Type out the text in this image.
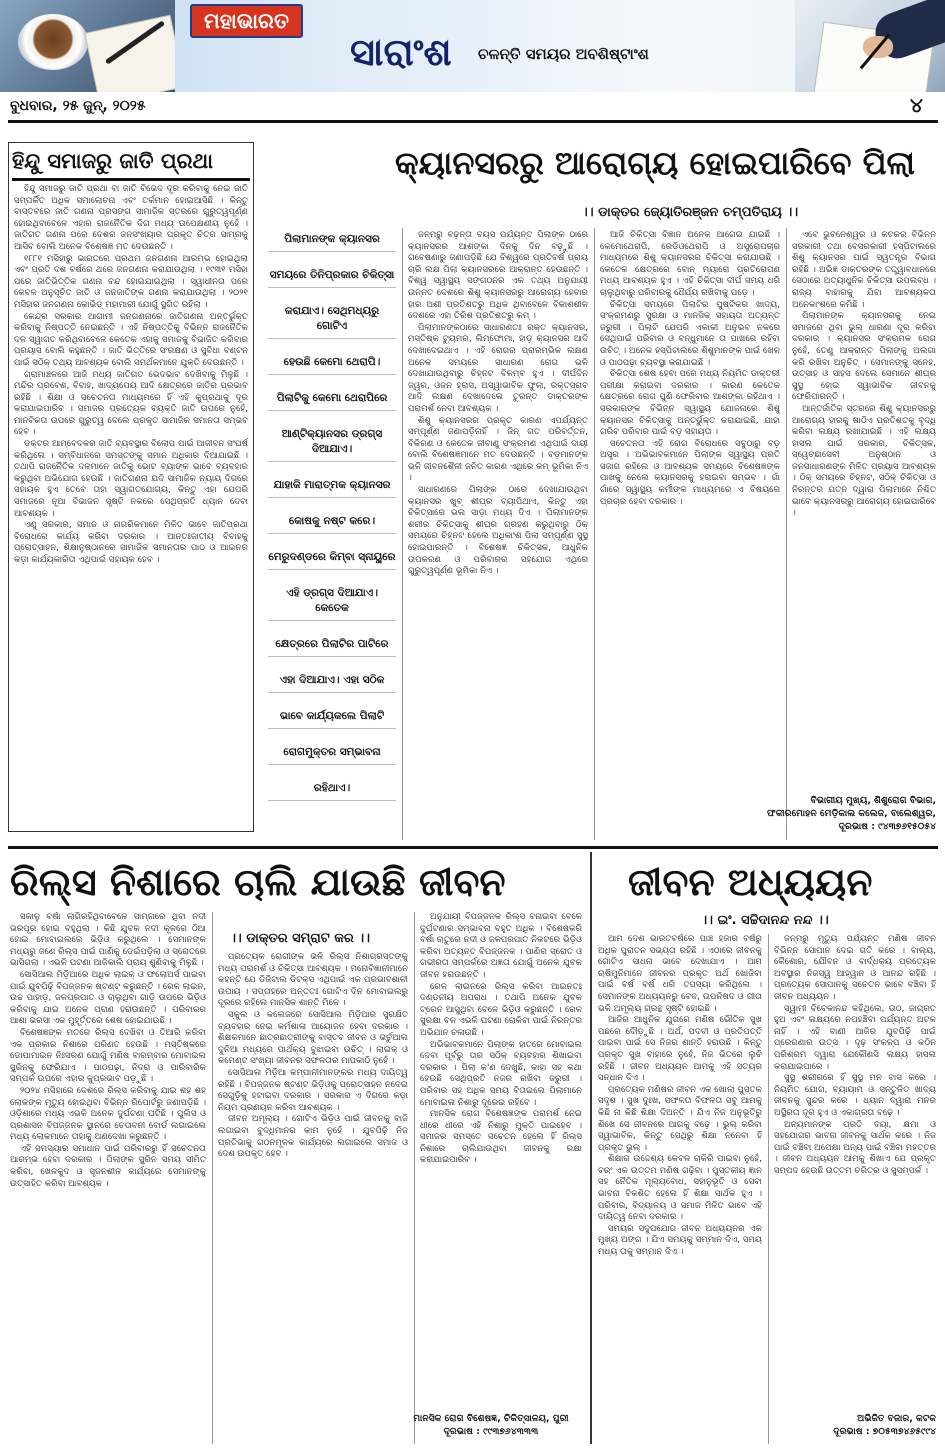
ମହାଭାରତ
ସାରାଂଶ ଚଳନ୍ତି ସମୟର ଅବଶିଷ୍ଟାଂଶ
ବୁଧବାର, ୨୫ ଜୁନ୍, ୨୦୨୫	୪
ହିନ୍ଦୁ ସମାଜରୁ ଜାତି ପ୍ରଥା

ହିନ୍ଦୁ ସମାଜରୁ ଜାତି ପ୍ରଥା ବା ଜାତି ବିଭେଦ ଦୂର କରିବାକୁ ନେଇ ଜାତି ସମ୍ପର୍କିତ ଅଧିକ ସମାଲୋଚନା ଏବଂ ତର୍କମାନ ହୋଇଆସିଛି । କିନ୍ତୁ ବାସ୍ତବରେ ଜାତି ଗଣନା ପ୍ରସଙ୍ଗ ସାମାଜିକ ସ୍ତରରେ ଗୁରୁତ୍ୱପୂର୍ଣ୍ଣ ହୋଇଥିବାବେଳେ ଏହାର ରାଜନୈତିକ ଦିଗ ମଧ୍ୟ ଉପେକ୍ଷଣୀୟ ନୁହେଁ । ଜାତିଗତ ଗଣନା ପରେ ଦେଶର ଜନସଂଖ୍ୟାର ପ୍ରକୃତ ଚିତ୍ର ସାମ୍ନାକୁ ଆସିବ ବୋଲି ଅନେକ ବିଶେଷଜ୍ଞ ମତ ଦେଉଛନ୍ତି ।

୧୮୮୧ ମସିହାରୁ ଭାରତରେ ପ୍ରଥମ ଜନଗଣନା ଆରମ୍ଭ ହୋଇଥିଲା ଏବଂ ପ୍ରତି ଦଶ ବର୍ଷରେ ଥରେ ଜନଗଣନା କରାଯାଉଥିଲା । ୧୯୩୧ ମସିହା ପରେ ଜାତିଭିତ୍ତିକ ଗଣନା ବନ୍ଦ ହୋଇଯାଇଥିଲା । ସ୍ୱାଧୀନତା ପରେ କେବଳ ଅନୁସୂଚିତ ଜାତି ଓ ଜନଜାତିଙ୍କ ଗଣନା କରାଯାଉଥିଲା । ୨୦୨୧ ମସିହାର ଜନଗଣନା କୋଭିଡ୍ ମହାମାରୀ ଯୋଗୁଁ ସ୍ଥଗିତ ରହିଲା ।

କେନ୍ଦ୍ର ସରକାର ଆଗାମୀ ଜନଗଣନାରେ ଜାତିଗଣନା ଅନ୍ତର୍ଭୁକ୍ତ କରିବାକୁ ନିଷ୍ପତ୍ତି ନେଇଛନ୍ତି । ଏହି ନିଷ୍ପତ୍ତିକୁ ବିଭିନ୍ନ ରାଜନୈତିକ ଦଳ ସ୍ୱାଗତ କରିଥିବାବେଳେ କେତେକ ଏହାକୁ ସମାଜକୁ ବିଭାଜିତ କରିବାର ପ୍ରୟାସ ବୋଲି କହୁଛନ୍ତି । ଜାତି ଭିତ୍ତିରେ ସଂରକ୍ଷଣ ଓ ସୁବିଧା ବଣ୍ଟନ ପାଇଁ ସଠିକ୍ ତଥ୍ୟ ଆବଶ୍ୟକ ବୋଲି ସମର୍ଥକମାନେ ଯୁକ୍ତି ଦେଉଛନ୍ତି ।

ଗ୍ରାମାଞ୍ଚଳରେ ଆଜି ମଧ୍ୟ ଜାତିଗତ ଭେଦଭାବ ଦେଖିବାକୁ ମିଳୁଛି । ମନ୍ଦିର ପ୍ରବେଶ, ବିବାହ, ଖାଦ୍ୟପେୟ ଆଦି କ୍ଷେତ୍ରରେ ଜାତିର ପ୍ରଭାବ ରହିଛି । ଶିକ୍ଷା ଓ ସଚେତନତା ମାଧ୍ୟମରେ ହିଁ ଏହି କୁପ୍ରଥାକୁ ଦୂର କରାଯାଇପାରିବ । ସମାଜର ପ୍ରତ୍ୟେକ ବ୍ୟକ୍ତି ଜାତି ଉପରେ ନୁହେଁ, ମାନବିକତା ଉପରେ ଗୁରୁତ୍ୱ ଦେଲେ ପ୍ରକୃତ ସାମାଜିକ ସମାନତା ସମ୍ଭବ ହେବ ।

ଡକ୍ଟର ଆମ୍ବେଦକର ଜାତି ବ୍ୟବସ୍ଥାର ବିଲୋପ ପାଇଁ ଆଜୀବନ ସଂଘର୍ଷ କରିଥିଲେ । ସମ୍ବିଧାନରେ ସମସ୍ତଙ୍କୁ ସମାନ ଅଧିକାର ଦିଆଯାଇଛି । ତଥାପି ରାଜନୈତିକ ଦଳମାନେ ଜାତିକୁ ଭୋଟ ବ୍ୟାଙ୍କ ଭାବେ ବ୍ୟବହାର କରୁଥିବା ଅଭିଯୋଗ ହେଉଛି । ଜାତିଗଣନା ଯଦି ସାମାଜିକ ନ୍ୟାୟ ଦିଗରେ ସହାୟକ ହୁଏ ତେବେ ତାହା ସ୍ୱାଗତଯୋଗ୍ୟ, କିନ୍ତୁ ଏହା ଯେପରି ସମାଜରେ ନୂଆ ବିଭାଜନ ସୃଷ୍ଟି ନକରେ ସେଥିପ୍ରତି ଧ୍ୟାନ ଦେବା ଆବଶ୍ୟକ ।

ଏଣୁ ସରକାର, ସମାଜ ଓ ନାଗରିକମାନେ ମିଳିତ ଭାବେ ଜାତିପ୍ରଥା ବିରୋଧରେ କାର୍ଯ୍ୟ କରିବା ଦରକାର । ଆନ୍ତଃଜାତୀୟ ବିବାହକୁ ପ୍ରୋତ୍ସାହନ, ଶିକ୍ଷାନୁଷ୍ଠାନରେ ସାମାଜିକ ସମାନତାର ପାଠ ଓ ଆଇନର କଡ଼ା କାର୍ଯ୍ୟକାରିତା ଏଥିପାଇଁ ସହାୟକ ହେବ ।

କ୍ୟାନସରରୁ ଆରୋଗ୍ୟ ହୋଇପାରିବେ ପିଲା
।। ଡାକ୍ତର ଜ୍ୟୋତିରଞ୍ଜନ ଚମ୍ପତିରାୟ ।।
ପିଲାମାନଙ୍କ କ୍ୟାନସର
ସମୟରେ ତିନିପ୍ରକାର ଚିକିତ୍ସା
କରାଯାଏ। ସେଥିମଧ୍ୟରୁ ଗୋଟିଏ
ହେଉଛି କେମୋ ଥେରାପି।
ପିଲାଟିକୁ କେମୋ ଥେରାପିରେ
ଆଣ୍ଟିକ୍ୟାନସର ଡ୍ରଗ୍ସ ଦିଆଯାଏ।
ଯାହାକି ମାରାତ୍ମକ କ୍ୟାନସର
କୋଷକୁ ନଷ୍ଟ କରେ।
ମେରୁଦଣ୍ଡରେ କିମ୍ବା ସ୍ନାୟୁରେ
ଏହି ଡ୍ରଗ୍ସ ଦିଆଯାଏ। କେତେକ
କ୍ଷେତ୍ରରେ ପିଲାଟିର ପାଟିରେ
ଏହା ଦିଆଯାଏ। ଏହା ସଠିକ
ଭାବେ କାର୍ଯ୍ୟକଲେ ପିଲାଟି
ରୋଗମୁକ୍ତର ସମ୍ଭାବନା
ରହିଥାଏ।

ଜନ୍ମରୁ ବଢ଼ନ୍ତା ବୟସ ପର୍ଯ୍ୟନ୍ତ ପିଲାଙ୍କ ଠାରେ କ୍ୟାନସରର ଆଶଙ୍କା ଦିନକୁ ଦିନ ବଢ଼ୁଛି । ଗବେଷଣାରୁ ଜଣାପଡ଼ିଛି ଯେ ବିଶ୍ୱରେ ପ୍ରତିବର୍ଷ ପ୍ରାୟ ଚାରି ଲକ୍ଷ ପିଲା କ୍ୟାନସରରେ ଆକ୍ରାନ୍ତ ହେଉଛନ୍ତି । ବିଶ୍ୱ ସ୍ୱାସ୍ଥ୍ୟ ସଙ୍ଗଠନର ଏକ ତଥ୍ୟ ଅନୁଯାୟୀ ଉନ୍ନତ ଦେଶରେ ଶିଶୁ କ୍ୟାନସରରୁ ଆରୋଗ୍ୟ ହେବାର ହାର ଅଶୀ ପ୍ରତିଶତରୁ ଅଧିକ ଥିବାବେଳେ ବିକାଶଶୀଳ ଦେଶରେ ଏହା ତିରିଶ ପ୍ରତିଶତରୁ କମ୍ ।

ପିଲାମାନଙ୍କଠାରେ ସାଧାରଣତଃ ରକ୍ତ କ୍ୟାନସର, ମସ୍ତିଷ୍କ ଟ୍ୟୁମର, ଲିମ୍ଫୋମା, ହାଡ଼ କ୍ୟାନସର ଆଦି ଦେଖାଦେଇଥାଏ । ଏହି ରୋଗର ପ୍ରାରମ୍ଭିକ ଲକ୍ଷଣ ଅନେକ ସମୟରେ ସାଧାରଣ ରୋଗ ଭଳି ଦେଖାଯାଉଥିବାରୁ ଚିହ୍ନଟ ବିଳମ୍ବ ହୁଏ । ଦୀର୍ଘଦିନ ଜ୍ୱର, ଓଜନ ହ୍ରାସ, ଅସ୍ୱାଭାବିକ ଫୁଲା, ରକ୍ତସ୍ରାବ ଆଦି ଲକ୍ଷଣ ଦେଖାଦେଲେ ତୁରନ୍ତ ଡାକ୍ତରଙ୍କ ପରାମର୍ଶ ନେବା ଆବଶ୍ୟକ ।

ଶିଶୁ କ୍ୟାନସରର ପ୍ରକୃତ କାରଣ ଏପର୍ଯ୍ୟନ୍ତ ସମ୍ପୂର୍ଣ୍ଣ ଜଣାପଡ଼ିନାହିଁ । ଜିନ୍ ଗତ ପରିବର୍ତ୍ତନ, ବିକିରଣ ଓ କେତେକ ଜୀବାଣୁ ସଂକ୍ରମଣ ଏଥିପାଇଁ ଦାୟୀ ବୋଲି ବିଶେଷଜ୍ଞମାନେ ମତ ଦେଉଛନ୍ତି । ବଡ଼ମାନଙ୍କ ଭଳି ଜୀବନଶୈଳୀ ଜନିତ କାରଣ ଏଥିରେ କମ୍ ଭୂମିକା ନିଏ ।

ସାଧାରଣରେ ପିଲାଙ୍କ ଠାରେ ଦେଖାଯାଉଥିବା କ୍ୟାନସର ଖୁବ୍ ଶୀଘ୍ର ବ୍ୟାପିଥାଏ, କିନ୍ତୁ ଏହା ଚିକିତ୍ସାରେ ଭଲ ସାଡ଼ା ମଧ୍ୟ ଦିଏ । ପିଲାମାନଙ୍କ ଶରୀର ଚିକିତ୍ସାକୁ ଶୀଘ୍ର ଗ୍ରହଣ କରୁଥିବାରୁ ଠିକ୍ ସମୟରେ ଚିହ୍ନଟ ହେଲେ ଅଧିକାଂଶ ପିଲା ସମ୍ପୂର୍ଣ୍ଣ ସୁସ୍ଥ ହୋଇପାରନ୍ତି । ବିଶେଷଜ୍ଞ ଚିକିତ୍ସକ, ଆଧୁନିକ ଉପକରଣ ଓ ପରିବାରର ସହଯୋଗ ଏଥିରେ ଗୁରୁତ୍ୱପୂର୍ଣ୍ଣ ଭୂମିକା ନିଏ ।

ଆଜି ଚିକିତ୍ସା ବିଜ୍ଞାନ ଅନେକ ଆଗେଇ ଯାଇଛି । କେମୋଥେରାପି, ରେଡିଓଥେରାପି ଓ ଅସ୍ତ୍ରୋପଚାର ମାଧ୍ୟମରେ ଶିଶୁ କ୍ୟାନସରର ଚିକିତ୍ସା କରାଯାଉଛି । କେତେକ କ୍ଷେତ୍ରରେ ବୋନ୍ ମ୍ୟାରୋ ପ୍ରତିରୋପଣ ମଧ୍ୟ ଆବଶ୍ୟକ ହୁଏ । ଏହି ଚିକିତ୍ସା ଦୀର୍ଘ ସମୟ ଧରି ଚାଲୁଥିବାରୁ ପରିବାରକୁ ଧୈର୍ଯ୍ୟ ରଖିବାକୁ ପଡ଼େ ।

ଚିକିତ୍ସା ସମୟରେ ପିଲାଟିର ପୁଷ୍ଟିକର ଖାଦ୍ୟ, ସଂକ୍ରମଣରୁ ସୁରକ୍ଷା ଓ ମାନସିକ ସହାୟତା ଅତ୍ୟନ୍ତ ଜରୁରୀ । ପିଲାଟି ଯେପରି ଏକାକୀ ଅନୁଭବ ନକରେ ସେଥିପାଇଁ ପରିବାର ଓ ବନ୍ଧୁମାନେ ତା ପାଖରେ ରହିବା ଉଚିତ୍ । ଅନେକ ହସ୍ପିଟାଲରେ ଶିଶୁମାନଙ୍କ ପାଇଁ ଖେଳ ଓ ପାଠପଢ଼ା ବ୍ୟବସ୍ଥା କରାଯାଇଛି ।

ଚିକିତ୍ସା ଶେଷ ହେବା ପରେ ମଧ୍ୟ ନିୟମିତ ଡାକ୍ତରୀ ପରୀକ୍ଷା କରାଇବା ଦରକାର । କାରଣ କେତେକ କ୍ଷେତ୍ରରେ ରୋଗ ପୁଣି ଫେରିବାର ଆଶଙ୍କା ରହିଥାଏ । ସରକାରଙ୍କ ବିଭିନ୍ନ ସ୍ୱାସ୍ଥ୍ୟ ଯୋଜନାରେ ଶିଶୁ କ୍ୟାନସର ଚିକିତ୍ସାକୁ ଅନ୍ତର୍ଭୁକ୍ତ କରାଯାଇଛି, ଯାହା ଗରିବ ପରିବାର ପାଇଁ ବଡ଼ ସହାୟତା ।

ସଚେତନତା ଏହି ରୋଗ ବିରୋଧରେ ସବୁଠାରୁ ବଡ଼ ଅସ୍ତ୍ର । ଅଭିଭାବକମାନେ ପିଲାଙ୍କ ସ୍ୱାସ୍ଥ୍ୟ ପ୍ରତି ସଜାଗ ରହିଲେ ଓ ଆବଶ୍ୟକ ସମୟରେ ବିଶେଷଜ୍ଞଙ୍କ ପାଖକୁ ନେଲେ କ୍ୟାନସରକୁ ହରାଇବା ସମ୍ଭବ । ଗାଁ ଗାଁରେ ସ୍ୱାସ୍ଥ୍ୟ କର୍ମୀଙ୍କ ମାଧ୍ୟମରେ ଏ ବିଷୟରେ ପ୍ରଚାର ହେବା ଦରକାର ।

ଏବେ ଭୁବନେଶ୍ୱର ଓ କଟକର ବିଭିନ୍ନ ସରକାରୀ ତଥା ବେସରକାରୀ ହସ୍ପିଟାଲରେ ଶିଶୁ କ୍ୟାନସର ପାଇଁ ସ୍ୱତନ୍ତ୍ର ବିଭାଗ ରହିଛି । ଅଭିଜ୍ଞ ଡାକ୍ତରଙ୍କ ତତ୍ତ୍ୱାବଧାନରେ ସେଠାରେ ଅତ୍ୟାଧୁନିକ ଚିକିତ୍ସା ଉପଲବ୍ଧ । ରାଜ୍ୟ ବାହାରକୁ ଯିବା ଆବଶ୍ୟକତା ଅନେକାଂଶରେ କମିଛି ।

ପିଲାମାନଙ୍କ କ୍ୟାନସରକୁ ନେଇ ସମାଜରେ ଥିବା ଭୁଲ୍ ଧାରଣା ଦୂର କରିବା ଦରକାର । କ୍ୟାନସର ସଂକ୍ରାମକ ରୋଗ ନୁହେଁ, ତେଣୁ ଆକ୍ରାନ୍ତ ପିଲାଙ୍କୁ ଅଲଗା କରି ରଖିବା ଅନୁଚିତ୍ । ସେମାନଙ୍କୁ ସ୍ନେହ, ଉତ୍ସାହ ଓ ସାହସ ଦେଲେ ସେମାନେ ଶୀଘ୍ର ସୁସ୍ଥ ହୋଇ ସ୍ୱାଭାବିକ ଜୀବନକୁ ଫେରିପାରନ୍ତି ।

ଆନ୍ତର୍ଜାତିକ ସ୍ତରରେ ଶିଶୁ କ୍ୟାନସରରୁ ଆରୋଗ୍ୟ ହାରକୁ ଷାଠିଏ ପ୍ରତିଶତକୁ ବୃଦ୍ଧି କରିବା ଲକ୍ଷ୍ୟ ରଖାଯାଇଛି । ଏହି ଲକ୍ଷ୍ୟ ହାସଲ ପାଇଁ ସରକାର, ଚିକିତ୍ସକ, ସ୍ୱେଚ୍ଛାସେବୀ ଅନୁଷ୍ଠାନ ଓ ଜନସାଧାରଣଙ୍କ ମିଳିତ ପ୍ରୟାସ ଆବଶ୍ୟକ । ଠିକ୍ ସମୟରେ ଚିହ୍ନଟ, ସଠିକ୍ ଚିକିତ୍ସା ଓ ନିରନ୍ତର ଯତ୍ନ ଦ୍ୱାରା ପିଲାମାନେ ନିଶ୍ଚିତ ଭାବେ କ୍ୟାନସରରୁ ଆରୋଗ୍ୟ ହୋଇପାରିବେ ।

ବିଭାଗୀୟ ମୁଖ୍ୟ, ଶିଶୁରୋଗ ବିଭାଗ,
ଫକୀରମୋହନ ମେଡ଼ିକାଲ କଲେଜ, ବାଲେଶ୍ୱର,
ଦୂରଭାଷ : ୯୪୩୭୬୧୫୦୫୪
ରିଲ୍ସ ନିଶାରେ ଚାଲି ଯାଉଛି ଜୀବନ
।। ଡାକ୍ତର ସମ୍ରାଟ କର ।।

ସକାଳୁ ବର୍ଷା ଲାଗିରହିଥିବାବେଳେ ସାମ୍ନାରେ ଥିବା ନଦୀ ଭରପୂର ହୋଇ ବହୁଥିଲା । କିଛି ଯୁବକ ନଦୀ କୂଳରେ ଠିଆ ହୋଇ ମୋବାଇଲରେ ଭିଡ଼ିଓ କରୁଥିଲେ । ସେମାନଙ୍କ ମଧ୍ୟରୁ ଜଣେ ରିଲ୍ସ ପାଇଁ ପାଣିକୁ ଡେଇଁପଡ଼ିଲା ଓ ସ୍ରୋତରେ ଭାସିଗଲା । ଏଭଳି ଘଟଣା ଆଜିକାଲି ପ୍ରାୟ ଶୁଣିବାକୁ ମିଳୁଛି ।

ସୋସିଆଲ ମିଡ଼ିଆରେ ଅଧିକ ଲାଇକ୍ ଓ ଫଲୋଅର୍ସ ପାଇବା ପାଇଁ ଯୁବପିଢ଼ି ବିପଜ୍ଜନକ ଷ୍ଟଣ୍ଟ କରୁଛନ୍ତି । ରେଳ ଲାଇନ, ଉଚ୍ଚ ପାହାଡ଼, ଜଳପ୍ରପାତ ଓ ଚାଲୁଥିବା ଗାଡ଼ି ଉପରେ ଭିଡ଼ିଓ କରିବାକୁ ଯାଇ ଅନେକ ପ୍ରାଣ ହରାଉଛନ୍ତି । ପରିବାରର ଆଶା ଭରସା ଏକ ମୁହୂର୍ତ୍ତରେ ଶେଷ ହୋଇଯାଉଛି ।

ବିଶେଷଜ୍ଞଙ୍କ ମତରେ ରିଲ୍ସ ଦେଖିବା ଓ ତିଆରି କରିବା ଏକ ପ୍ରକାର ନିଶାରେ ପରିଣତ ହେଉଛି । ମସ୍ତିଷ୍କରେ ଡୋପାମାଇନ ନିଃସରଣ ଯୋଗୁଁ ମଣିଷ ବାରମ୍ବାର ମୋବାଇଲ ସ୍କ୍ରିନକୁ ଫେରିଯାଏ । ପାଠପଢ଼ା, ନିଦ୍ରା ଓ ପାରିବାରିକ ସମ୍ପର୍କ ଉପରେ ଏହାର କୁପ୍ରଭାବ ପଡ଼ୁଛି ।

୨୦୨୪ ମସିହାରେ ଦେଶରେ ରିଲ୍ସ କରିବାକୁ ଯାଇ ଶହ ଶହ ଲୋକଙ୍କ ମୃତ୍ୟୁ ହୋଇଥିବା ବିଭିନ୍ନ ରିପୋର୍ଟରୁ ଜଣାପଡ଼ିଛି । ଓଡ଼ିଶାରେ ମଧ୍ୟ ଏଭଳି ଅନେକ ଦୁର୍ଘଟଣା ଘଟିଛି । ପୁଲିସ ଓ ପ୍ରଶାସନ ବିପଜ୍ଜନକ ସ୍ଥାନରେ ଚେତାବନୀ ବୋର୍ଡ ଲଗାଇଲେ ମଧ୍ୟ ଲୋକମାନେ ତାହାକୁ ଅଣଦେଖା କରୁଛନ୍ତି ।

ଏହି ସମସ୍ୟାର ସମାଧାନ ପାଇଁ ପରିବାରରୁ ହିଁ ସଚେତନତା ଆରମ୍ଭ ହେବା ଦରକାର । ପିଲାଙ୍କ ସ୍କ୍ରିନ ସମୟ ସୀମିତ କରିବା, ଖେଳକୁଦ ଓ ସୃଜନଶୀଳ କାର୍ଯ୍ୟରେ ସେମାନଙ୍କୁ ଉତ୍ସାହିତ କରିବା ଆବଶ୍ୟକ ।

ପ୍ରତ୍ୟେକ ରୋଗୀଙ୍କ ଭଳି ରିଲ୍ସ ନିଶାଗ୍ରସ୍ତଙ୍କୁ ମଧ୍ୟ ପରାମର୍ଶ ଓ ଚିକିତ୍ସା ଆବଶ୍ୟକ । ମନୋବିଜ୍ଞାନୀମାନେ କହନ୍ତି ଯେ ଡିଜିଟାଲ ଡିଟକ୍ସ ଏଥିପାଇଁ ଏକ ପ୍ରଭାବଶାଳୀ ଉପାୟ । ସପ୍ତାହରେ ଅନ୍ତତଃ ଗୋଟିଏ ଦିନ ମୋବାଇଲରୁ ଦୂରରେ ରହିଲେ ମାନସିକ ଶାନ୍ତି ମିଳେ ।

ସ୍କୁଲ ଓ କଲେଜରେ ସୋସିଆଲ ମିଡ଼ିଆର ସୁରକ୍ଷିତ ବ୍ୟବହାର ନେଇ କର୍ମଶାଳା ଆୟୋଜନ ହେବା ଦରକାର । ଶିକ୍ଷକମାନେ ଛାତ୍ରଛାତ୍ରୀଙ୍କୁ ବାସ୍ତବ ଜୀବନ ଓ ଭର୍ଚୁଆଲ ଦୁନିଆ ମଧ୍ୟରେ ପାର୍ଥକ୍ୟ ବୁଝାଇବା ଉଚିତ୍ । ଲାଇକ୍ ଓ କମେଣ୍ଟ ସଂଖ୍ୟା ଜୀବନର ସଫଳତାର ମାପକାଠି ନୁହେଁ ।

ସୋସିଆଲ ମିଡ଼ିଆ କମ୍ପାନୀମାନଙ୍କର ମଧ୍ୟ ଦାୟିତ୍ୱ ରହିଛି । ବିପଜ୍ଜନକ ଷ୍ଟଣ୍ଟ ଭିଡ଼ିଓକୁ ପ୍ରୋତ୍ସାହନ ନଦେଇ ସେଗୁଡ଼ିକୁ ହଟାଇବା ଦରକାର । ସରକାର ଏ ଦିଗରେ କଡ଼ା ନିୟମ ପ୍ରଣୟନ କରିବା ଆବଶ୍ୟକ ।

ଜୀବନ ଅମୂଲ୍ୟ । ଗୋଟିଏ ଭିଡ଼ିଓ ପାଇଁ ଜୀବନକୁ ବାଜି ଲଗାଇବା ବୁଦ୍ଧିମାନର କାମ ନୁହେଁ । ଯୁବପିଢ଼ି ନିଜ ପ୍ରତିଭାକୁ ଗଠନମୂଳକ କାର୍ଯ୍ୟରେ ଲଗାଇଲେ ସମାଜ ଓ ଦେଶ ଉପକୃତ ହେବ ।

ଅନୁଯାୟୀ ବିପଜ୍ଜନକ ରିଲ୍ସ ବନାଇବା ବେଳେ ଦୁର୍ଘଟଣାର ସମ୍ଭାବନା ବହୁତ ଅଧିକ । ବିଶେଷକରି ବର୍ଷା ଋତୁରେ ନଦୀ ଓ ଜଳପ୍ରପାତ ନିକଟରେ ଭିଡ଼ିଓ କରିବା ଅତ୍ୟନ୍ତ ବିପଜ୍ଜନକ । ପାଣିର ସ୍ରୋତ ଓ ଗଭୀରତା ସମ୍ପର୍କରେ ଅଜ୍ଞତା ଯୋଗୁଁ ଅନେକ ଯୁବକ ଜୀବନ ହରାଉଛନ୍ତି ।

ରେଳ ଲାଇନରେ ରିଲ୍ସ କରିବା ଆଇନତଃ ଦଣ୍ଡନୀୟ ଅପରାଧ । ତଥାପି ଅନେକ ଯୁବକ ଟ୍ରେନ ଆସୁଥିବା ବେଳେ ଭିଡ଼ିଓ କରୁଛନ୍ତି । ରେଳ ସୁରକ୍ଷା ବଳ ଏଭଳି ଘଟଣା ରୋକିବା ପାଇଁ ନିରନ୍ତର ଅଭିଯାନ ଚଳାଉଛି ।

ଅଭିଭାବକମାନେ ପିଲାଙ୍କ ହାତରେ ମୋବାଇଲ ଦେବା ପୂର୍ବରୁ ତାର ସଠିକ୍ ବ୍ୟବହାର ଶିଖାଇବା ଦରକାର । ପିଲା କ'ଣ ଦେଖୁଛି, କାହା ସହ କଥା ହେଉଛି ସେଥିପ୍ରତି ନଜର ରଖିବା ଜରୁରୀ । ପରିବାର ସହ ଅଧିକ ସମୟ ବିତାଇଲେ ପିଲାମାନେ ମୋବାଇଲ ନିଶାରୁ ଦୂରେଇ ରହିବେ ।

ମାନସିକ ରୋଗ ବିଶେଷଜ୍ଞଙ୍କ ପରାମର୍ଶ ନେଇ ଧୀରେ ଧୀରେ ଏହି ନିଶାରୁ ମୁକ୍ତି ପାଇହେବ । ସମାଜର ସମସ୍ତେ ସଚେତନ ହେଲେ ହିଁ ରିଲ୍ସ ନିଶାରେ ଚାଲିଯାଉଥିବା ଜୀବନକୁ ରକ୍ଷା କରାଯାଇପାରିବ ।

ମାନସିକ ରୋଗ ବିଶେଷଜ୍ଞ, ଚିକିତ୍ସାଳୟ, ପୁରୀ
ଦୂରଭାଷ : ୯୯୩୭୬୪୩୩୩
ଜୀବନ ଅଧ୍ୟୟନ
।। ଇଂ. ସଚ୍ଚିଦାନନ୍ଦ ନନ୍ଦ ।।

ଆମ ଦେଶ ଭାରତବର୍ଷରେ ପାଞ୍ଚ ହଜାର ବର୍ଷରୁ ଅଧିକ ପୁରାତନ ସଭ୍ୟତା ରହିଛି । ଏଠାରେ ଜୀବନକୁ ଗୋଟିଏ ସାଧନା ଭାବେ ଦେଖାଯାଏ । ଆମ ଋଷିମୁନିମାନେ ଜୀବନର ପ୍ରକୃତ ଅର୍ଥ ଖୋଜିବା ପାଇଁ ବର୍ଷ ବର୍ଷ ଧରି ତପସ୍ୟା କରିଥିଲେ । ସେମାନଙ୍କ ଅଧ୍ୟୟନରୁ ବେଦ, ଉପନିଷଦ ଓ ଗୀତା ଭଳି ଅମୂଲ୍ୟ ଗ୍ରନ୍ଥ ସୃଷ୍ଟି ହୋଇଛି ।

ଆଜିର ଆଧୁନିକ ଯୁଗରେ ମଣିଷ ଭୌତିକ ସୁଖ ପଛରେ ଦୌଡ଼ୁଛି । ଅର୍ଥ, ପଦବୀ ଓ ପ୍ରତିପତ୍ତି ପାଇବା ପାଇଁ ସେ ନିଜର ଶାନ୍ତି ହରାଉଛି । କିନ୍ତୁ ପ୍ରକୃତ ସୁଖ ବାହାରେ ନୁହେଁ, ନିଜ ଭିତରେ ଲୁଚି ରହିଛି । ଜୀବନ ଅଧ୍ୟୟନ ଆମକୁ ଏହି ସତ୍ୟର ସନ୍ଧାନ ଦିଏ ।

ପ୍ରତ୍ୟେକ ମଣିଷର ଜୀବନ ଏକ ଖୋଲା ପୁସ୍ତକ ସଦୃଶ । ସୁଖ ଦୁଃଖ, ସଫଳତା ବିଫଳତା ସବୁ ଆମକୁ କିଛି ନା କିଛି ଶିକ୍ଷା ଦିଅନ୍ତି । ଯିଏ ନିଜ ଅନୁଭୂତିରୁ ଶିଖେ ସେ ଜୀବନରେ ଆଗକୁ ବଢ଼େ । ଭୁଲ୍ କରିବା ସ୍ୱାଭାବିକ, କିନ୍ତୁ ସେଥିରୁ ଶିକ୍ଷା ନନେବା ହିଁ ପ୍ରକୃତ ଭୁଲ୍ ।

ଶିକ୍ଷାର ଉଦ୍ଦେଶ୍ୟ କେବଳ ଚାକିରି ପାଇବା ନୁହେଁ, ବରଂ ଏକ ଉତ୍ତମ ମଣିଷ ଗଢ଼ିବା । ପୁସ୍ତକୀୟ ଜ୍ଞାନ ସହ ନୈତିକ ମୂଲ୍ୟବୋଧ, ସହାନୁଭୂତି ଓ ସେବା ଭାବନା ବିକଶିତ ହେଲେ ହିଁ ଶିକ୍ଷା ସାର୍ଥକ ହୁଏ । ପରିବାର, ବିଦ୍ୟାଳୟ ଓ ସମାଜ ମିଳିତ ଭାବେ ଏହି ଦାୟିତ୍ୱ ନେବା ଦରକାର ।

ସମୟର ସଦୁପଯୋଗ ଜୀବନ ଅଧ୍ୟୟନର ଏକ ମୁଖ୍ୟ ଅଙ୍ଗ । ଯିଏ ସମୟକୁ ସମ୍ମାନ ଦିଏ, ସମୟ ମଧ୍ୟ ତାକୁ ସମ୍ମାନ ଦିଏ ।

ଜନ୍ମରୁ ମୃତ୍ୟୁ ପର୍ଯ୍ୟନ୍ତ ମଣିଷ ଜୀବନ ବିଭିନ୍ନ ସୋପାନ ଦେଇ ଗତି କରେ । ବାଲ୍ୟ, କୈଶୋର, ଯୌବନ ଓ ବାର୍ଦ୍ଧକ୍ୟ ପ୍ରତ୍ୟେକ ଅବସ୍ଥାର ନିଜସ୍ୱ ଆହ୍ୱାନ ଓ ଆନନ୍ଦ ରହିଛି । ପ୍ରତ୍ୟେକ ସୋପାନକୁ ସଚେତନ ଭାବେ ବଞ୍ଚିବା ହିଁ ଜୀବନ ଅଧ୍ୟୟନ ।

ସ୍ୱାମୀ ବିବେକାନନ୍ଦ କହିଥିଲେ, ଉଠ, ଜାଗ୍ରତ ହୁଅ ଏବଂ ଲକ୍ଷ୍ୟରେ ନପହଞ୍ଚିବା ପର୍ଯ୍ୟନ୍ତ ଅଟକ ନାହିଁ । ଏହି ବାଣୀ ଆଜିର ଯୁବପିଢ଼ି ପାଇଁ ପ୍ରେରଣାର ଉତ୍ସ । ଦୃଢ଼ ସଂକଳ୍ପ ଓ କଠିନ ପରିଶ୍ରମ ଦ୍ୱାରା ଯେକୌଣସି ଲକ୍ଷ୍ୟ ହାସଲ କରାଯାଇପାରେ ।

ସୁସ୍ଥ ଶରୀରରେ ହିଁ ସୁସ୍ଥ ମନ ବାସ କରେ । ନିୟମିତ ଯୋଗ, ବ୍ୟାୟାମ ଓ ସନ୍ତୁଳିତ ଖାଦ୍ୟ ଜୀବନକୁ ସୁନ୍ଦର କରେ । ଧ୍ୟାନ ଦ୍ୱାରା ମନର ଅସ୍ଥିରତା ଦୂର ହୁଏ ଓ ଏକାଗ୍ରତା ବଢ଼େ ।

ଅନ୍ୟମାନଙ୍କ ପ୍ରତି ଦୟା, କ୍ଷମା ଓ ସହଯୋଗର ଭାବନା ଜୀବନକୁ ସାର୍ଥକ କରେ । ନିଜ ପାଇଁ ବଞ୍ଚିବା ଅପେକ୍ଷା ଅନ୍ୟ ପାଇଁ ବଞ୍ଚିବା ମହତ୍ତର । ଜୀବନ ଅଧ୍ୟୟନ ଆମକୁ ଶିଖାଏ ଯେ ପ୍ରକୃତ ସମ୍ପଦ ହେଉଛି ଉତ୍ତମ ଚରିତ୍ର ଓ ସୁସମ୍ପର୍କ ।

ଅଭିଜିତ ବଜାର, କଟକ
ଦୂରଭାଷ : ୭୦୫୩୭୪୬୫୯୯୪
